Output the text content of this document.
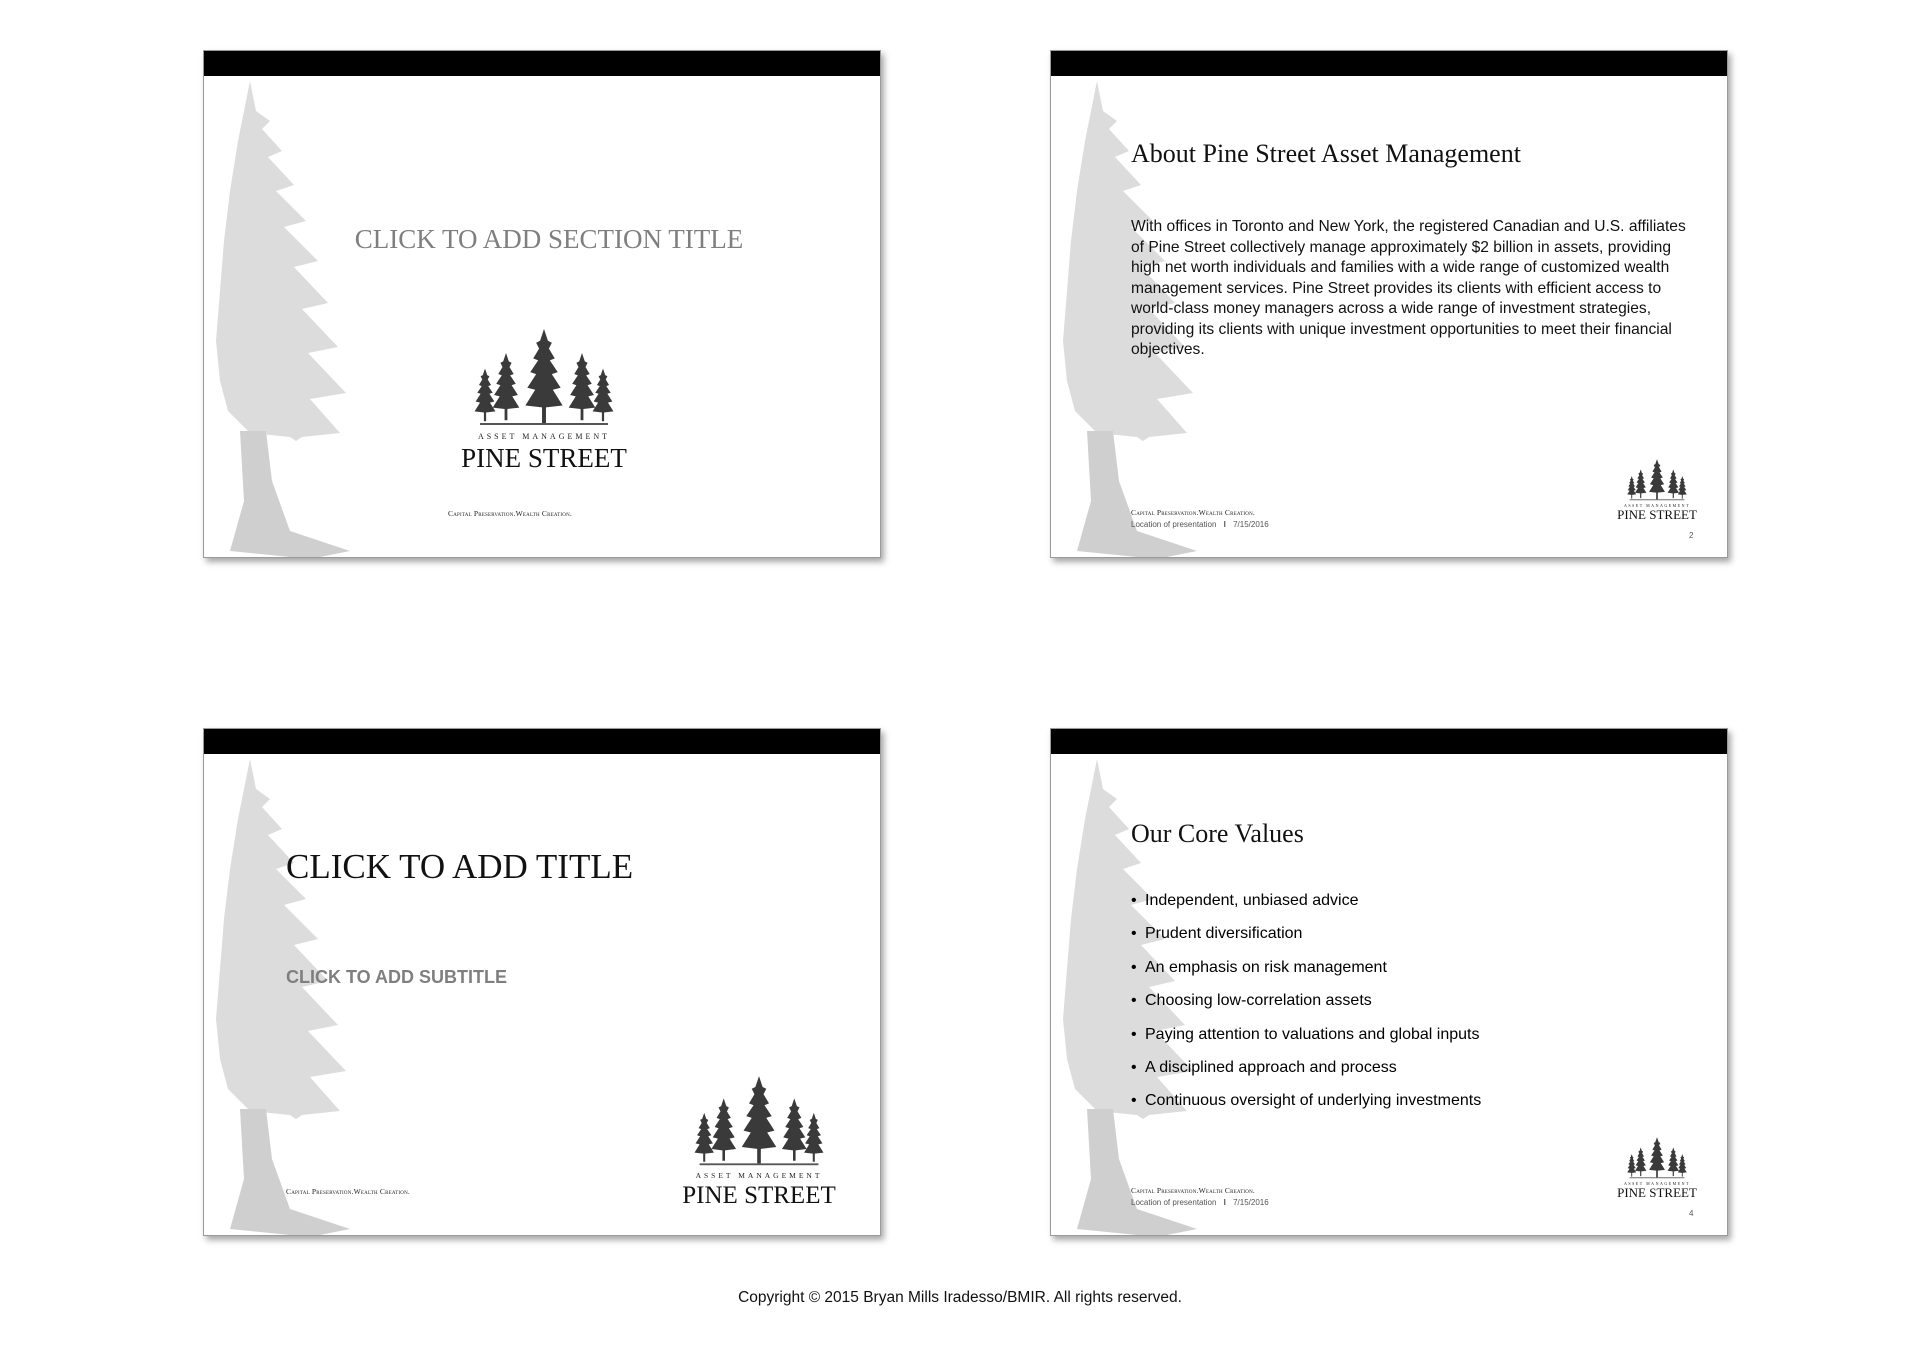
CLICK TO ADD SECTION TITLE
ASSET MANAGEMENT
PINE STREET
Capital Preservation.Wealth Creation.
About Pine Street Asset Management
With offices in Toronto and New York, the registered Canadian and U.S. affiliates of Pine Street collectively manage approximately $2 billion in assets, providing high net worth individuals and families with a wide range of customized wealth management services. Pine Street provides its clients with efficient access to world-class money managers across a wide range of investment strategies, providing its clients with unique investment opportunities to meet their financial objectives.
Capital Preservation.Wealth Creation.
Location of presentation I 7/15/2016
ASSET MANAGEMENT
PINE STREET
2
CLICK TO ADD TITLE
CLICK TO ADD SUBTITLE
Capital Preservation.Wealth Creation.
ASSET MANAGEMENT
PINE STREET
Our Core Values
• Independent, unbiased advice
• Prudent diversification
• An emphasis on risk management
• Choosing low-correlation assets
• Paying attention to valuations and global inputs
• A disciplined approach and process
• Continuous oversight of underlying investments
Capital Preservation.Wealth Creation.
Location of presentation I 7/15/2016
ASSET MANAGEMENT
PINE STREET
4
Copyright © 2015 Bryan Mills Iradesso/BMIR. All rights reserved.
